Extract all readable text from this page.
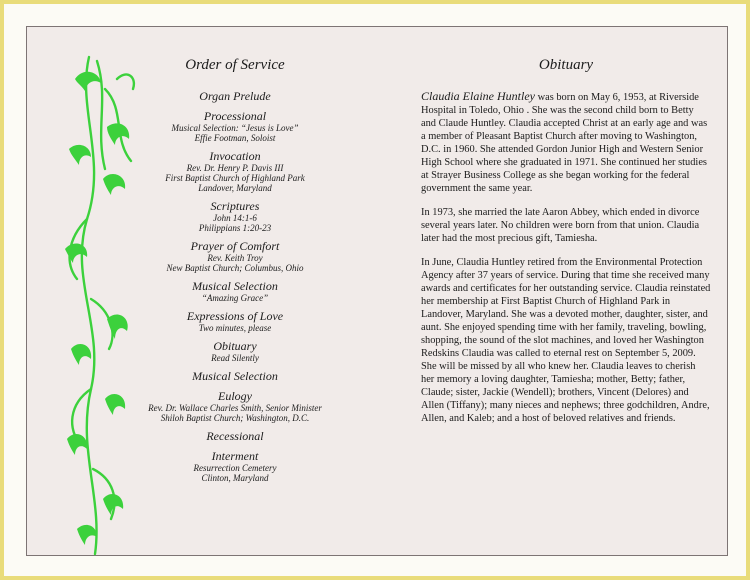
Order of Service
Organ Prelude
Processional
Musical Selection: “Jesus is Love”
Effie Footman, Soloist
Invocation
Rev. Dr. Henry P. Davis III
First Baptist Church of Highland Park
Landover, Maryland
Scriptures
John 14:1-6
Philippians 1:20-23
Prayer of Comfort
Rev. Keith Troy
New Baptist Church; Columbus, Ohio
Musical Selection
“Amazing Grace”
Expressions of Love
Two minutes, please
Obituary
Read Silently
Musical Selection
Eulogy
Rev. Dr. Wallace Charles Smith, Senior Minister
Shiloh Baptist Church; Washington, D.C.
Recessional
Interment
Resurrection Cemetery
Clinton, Maryland
Obituary

Claudia Elaine Huntley was born on May 6, 1953, at Riverside Hospital in Toledo, Ohio . She was the second child born to Betty and Claude Huntley. Claudia accepted Christ at an early age and was a member of Pleasant Baptist Church after moving to Washington, D.C. in 1960. She attended Gordon Junior High and Western Senior High School where she graduated in 1971. She continued her studies at Strayer Business College as she began working for the federal government the same year.

In 1973, she married the late Aaron Abbey, which ended in divorce several years later. No children were born from that union. Claudia later had the most precious gift, Tamiesha.

In June, Claudia Huntley retired from the Environmental Protection Agency after 37 years of service. During that time she received many awards and certificates for her outstanding service. Claudia reinstated her membership at First Baptist Church of Highland Park in Landover, Maryland. She was a devoted mother, daughter, sister, and aunt. She enjoyed spending time with her family, traveling, bowling, shopping, the sound of the slot machines, and loved her Washington Redskins Claudia was called to eternal rest on September 5, 2009. She will be missed by all who knew her. Claudia leaves to cherish her memory a loving daughter, Tamiesha; mother, Betty; father, Claude; sister, Jackie (Wendell); brothers, Vincent (Delores) and Allen (Tiffany); many nieces and nephews; three godchildren, Andre, Allen, and Kaleb; and a host of beloved relatives and friends.
